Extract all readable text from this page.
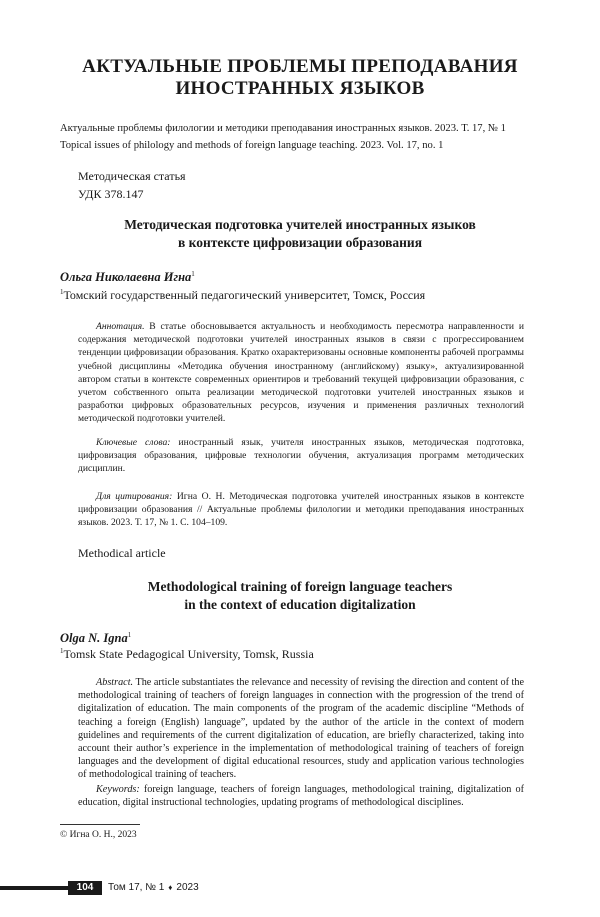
АКТУАЛЬНЫЕ ПРОБЛЕМЫ ПРЕПОДАВАНИЯ
ИНОСТРАННЫХ ЯЗЫКОВ
Актуальные проблемы филологии и методики преподавания иностранных языков. 2023. Т. 17, № 1
Topical issues of philology and methods of foreign language teaching. 2023. Vol. 17, no. 1
Методическая статья
УДК 378.147
Методическая подготовка учителей иностранных языков
в контексте цифровизации образования
Ольга Николаевна Игна$^1$
$^1$Томский государственный педагогический университет, Томск, Россия
Аннотация. В статье обосновывается актуальность и необходимость пересмотра направленности и содержания методической подготовки учителей иностранных языков в связи с прогрессированием тенденции цифровизации образования. Кратко охарактеризованы основные компоненты рабочей программы учебной дисциплины «Методика обучения иностранному (английскому) языку», актуализированной автором статьи в контексте современных ориентиров и требований текущей цифровизации образования, с учетом собственного опыта реализации методической подготовки учителей иностранных языков и разработки цифровых образовательных ресурсов, изучения и применения различных технологий методической подготовки учителей.
Ключевые слова: иностранный язык, учителя иностранных языков, методическая подготовка, цифровизация образования, цифровые технологии обучения, актуализация программ методических дисциплин.
Для цитирования: Игна О. Н. Методическая подготовка учителей иностранных языков в контексте цифровизации образования // Актуальные проблемы филологии и методики преподавания иностранных языков. 2023. Т. 17, № 1. С. 104–109.
Methodical article
Methodological training of foreign language teachers
in the context of education digitalization
Olga N. Igna$^1$
$^1$Tomsk State Pedagogical University, Tomsk, Russia
Abstract. The article substantiates the relevance and necessity of revising the direction and content of the methodological training of teachers of foreign languages in connection with the progression of the trend of digitalization of education. The main components of the program of the academic discipline “Methods of teaching a foreign (English) language”, updated by the author of the article in the context of modern guidelines and requirements of the current digitalization of education, are briefly characterized, taking into account their author’s experience in the implementation of methodological training of teachers of foreign languages and the development of digital educational resources, study and application various technologies of methodological training of teachers.
Keywords: foreign language, teachers of foreign languages, methodological training, digitalization of education, digital instructional technologies, updating programs of methodological disciplines.
© Игна О. Н., 2023
104	Том 17, № 1 ♦ 2023
